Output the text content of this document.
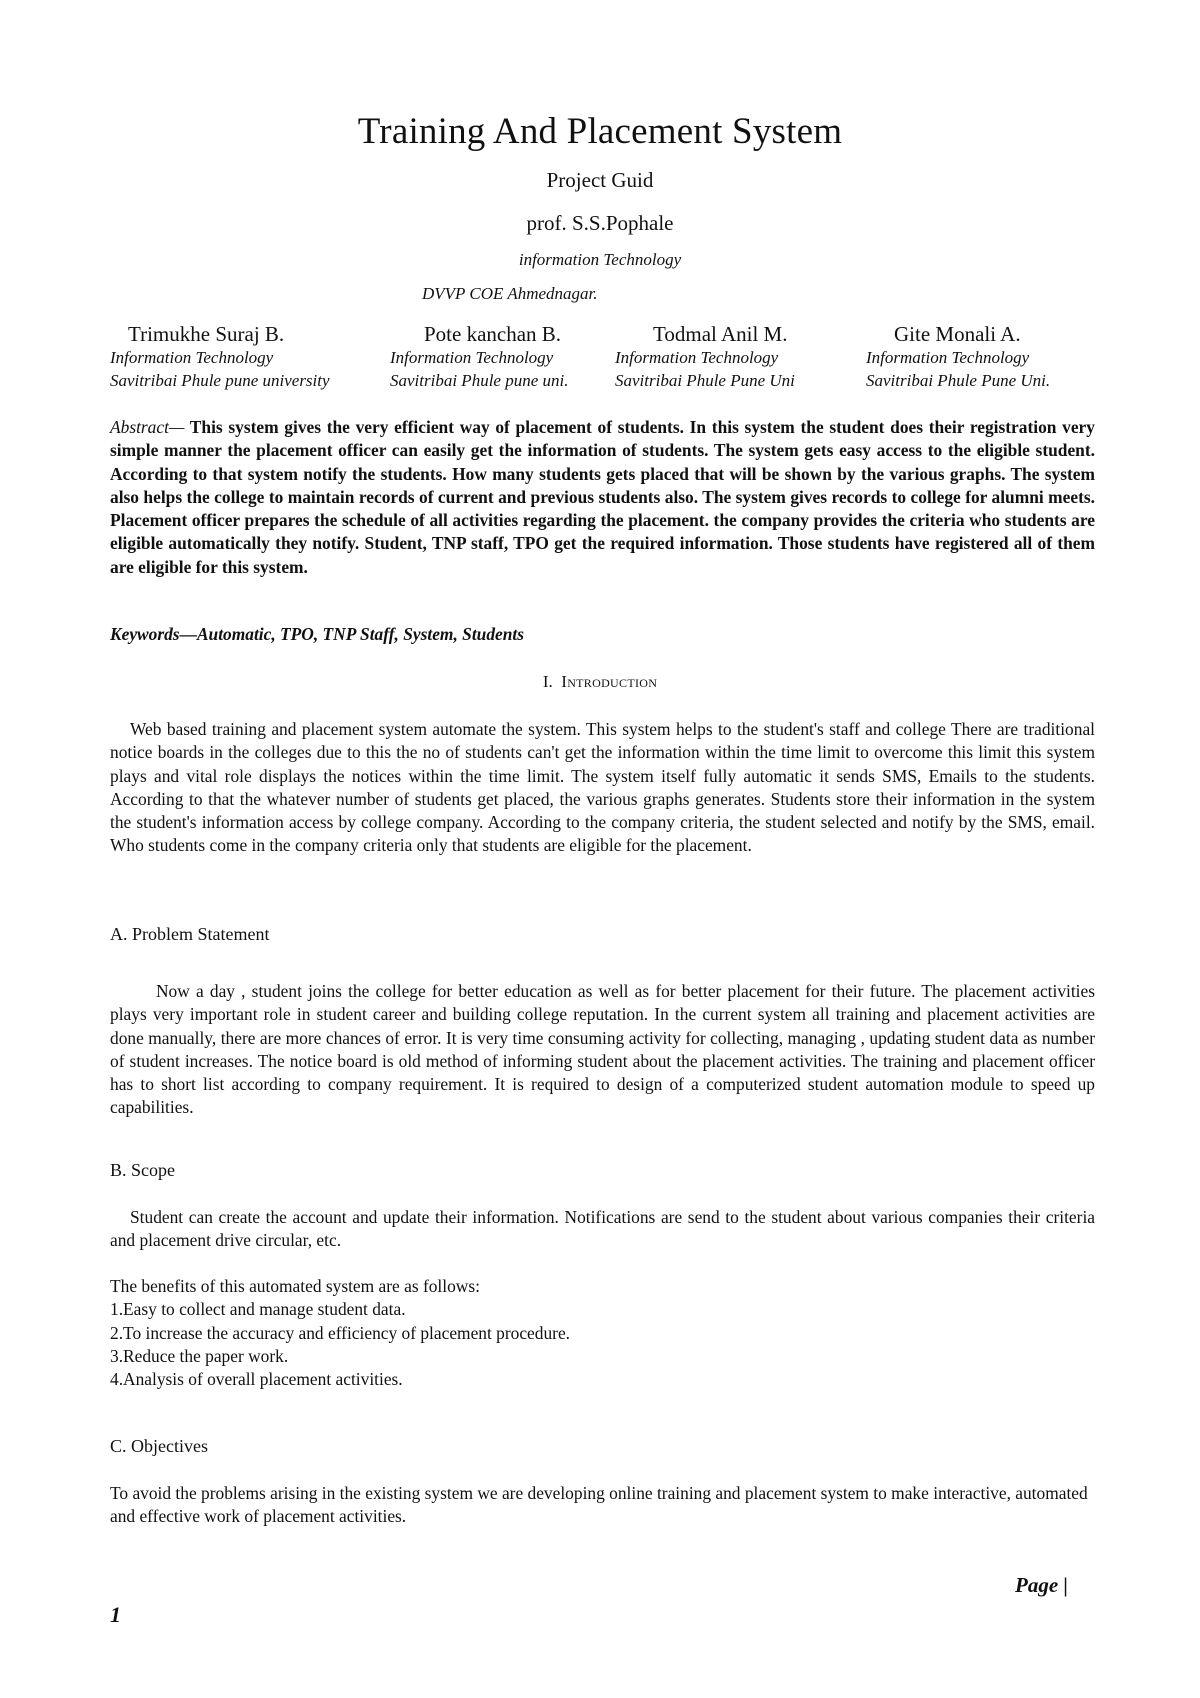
Training And Placement System
Project Guid
prof. S.S.Pophale
information Technology
DVVP COE Ahmednagar.
Trimukhe Suraj B.
Information Technology
Savitribai Phule pune university
Pote kanchan B.
Information Technology
Savitribai Phule pune uni.
Todmal Anil M.
Information Technology
Savitribai Phule Pune Uni
Gite Monali A.
Information Technology
Savitribai Phule Pune Uni.
Abstract— This system gives the very efficient way of placement of students. In this system the student does their registration very simple manner the placement officer can easily get the information of students. The system gets easy access to the eligible student. According to that system notify the students. How many students gets placed that will be shown by the various graphs. The system also helps the college to maintain records of current and previous students also. The system gives records to college for alumni meets. Placement officer prepares the schedule of all activities regarding the placement. the company provides the criteria who students are eligible automatically they notify. Student, TNP staff, TPO get the required information. Those students have registered all of them are eligible for this system.
Keywords—Automatic, TPO, TNP Staff, System, Students
I. Introduction
Web based training and placement system automate the system. This system helps to the student's staff and college There are traditional notice boards in the colleges due to this the no of students can't get the information within the time limit to overcome this limit this system plays and vital role displays the notices within the time limit. The system itself fully automatic it sends SMS, Emails to the students. According to that the whatever number of students get placed, the various graphs generates. Students store their information in the system the student's information access by college company. According to the company criteria, the student selected and notify by the SMS, email. Who students come in the company criteria only that students are eligible for the placement.
A. Problem Statement
Now a day , student joins the college for better education as well as for better placement for their future. The placement activities plays very important role in student career and building college reputation. In the current system all training and placement activities are done manually, there are more chances of error. It is very time consuming activity for collecting, managing , updating student data as number of student increases. The notice board is old method of informing student about the placement activities. The training and placement officer has to short list according to company requirement. It is required to design of a computerized student automation module to speed up capabilities.
B. Scope
Student can create the account and update their information. Notifications are send to the student about various companies their criteria and placement drive circular, etc.
The benefits of this automated system are as follows:
1.Easy to collect and manage student data.
2.To increase the accuracy and efficiency of placement procedure.
3.Reduce the paper work.
4.Analysis of overall placement activities.
C. Objectives
To avoid the problems arising in the existing system we are developing online training and placement system to make interactive, automated and effective work of placement activities.
Page |
1
